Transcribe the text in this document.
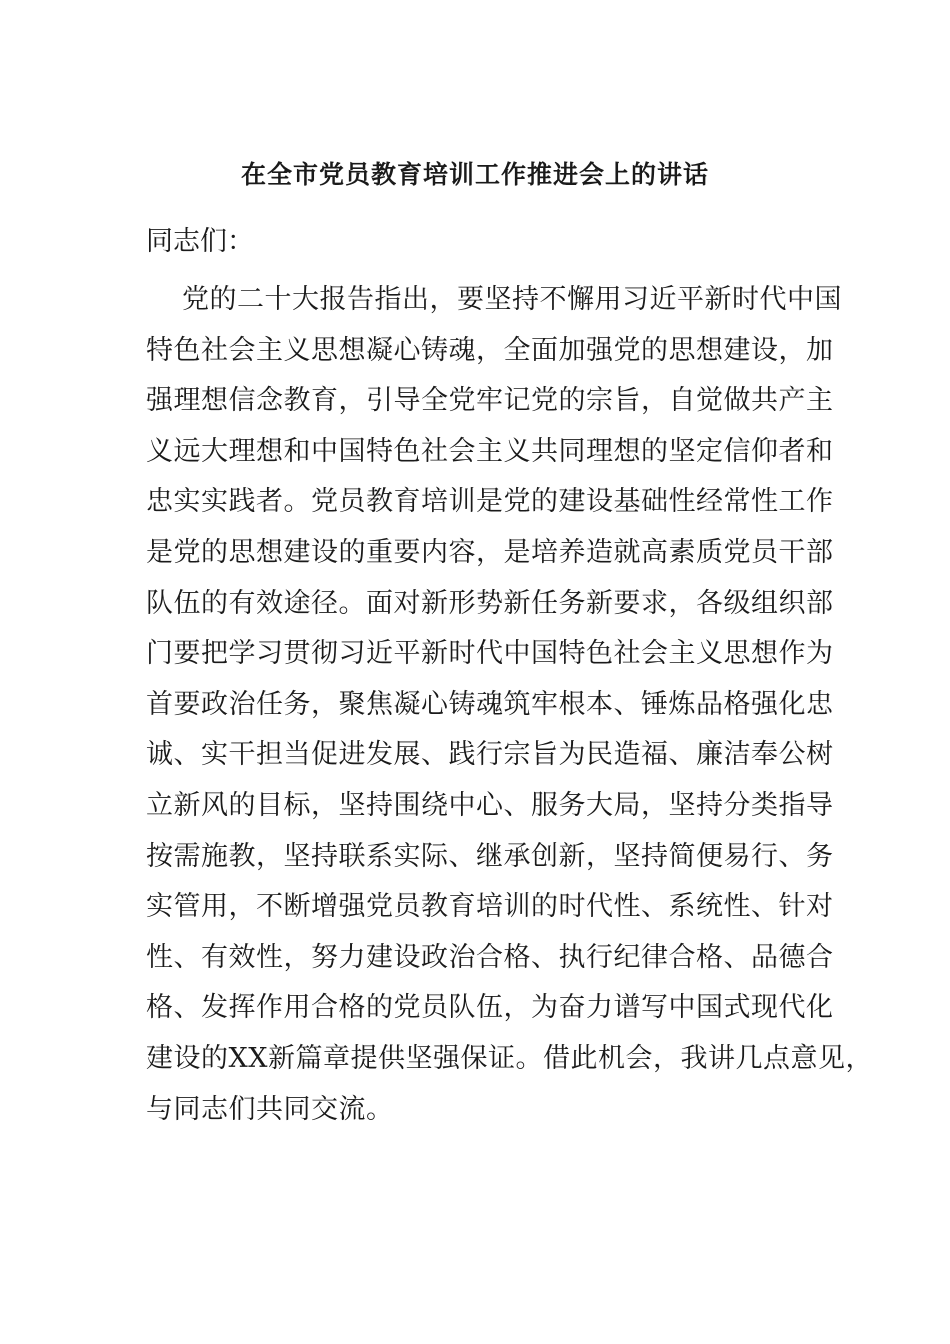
在全市党员教育培训工作推进会上的讲话

同志们：

党的二十大报告指出，要坚持不懈用习近平新时代中国
特色社会主义思想凝心铸魂，全面加强党的思想建设，加
强理想信念教育，引导全党牢记党的宗旨，自觉做共产主
义远大理想和中国特色社会主义共同理想的坚定信仰者和
忠实实践者。党员教育培训是党的建设基础性经常性工作
是党的思想建设的重要内容，是培养造就高素质党员干部
队伍的有效途径。面对新形势新任务新要求，各级组织部
门要把学习贯彻习近平新时代中国特色社会主义思想作为
首要政治任务，聚焦凝心铸魂筑牢根本、锤炼品格强化忠
诚、实干担当促进发展、践行宗旨为民造福、廉洁奉公树
立新风的目标，坚持围绕中心、服务大局，坚持分类指导
按需施教，坚持联系实际、继承创新，坚持简便易行、务
实管用，不断增强党员教育培训的时代性、系统性、针对
性、有效性，努力建设政治合格、执行纪律合格、品德合
格、发挥作用合格的党员队伍，为奋力谱写中国式现代化
建设的XX新篇章提供坚强保证。借此机会，我讲几点意见，
与同志们共同交流。
